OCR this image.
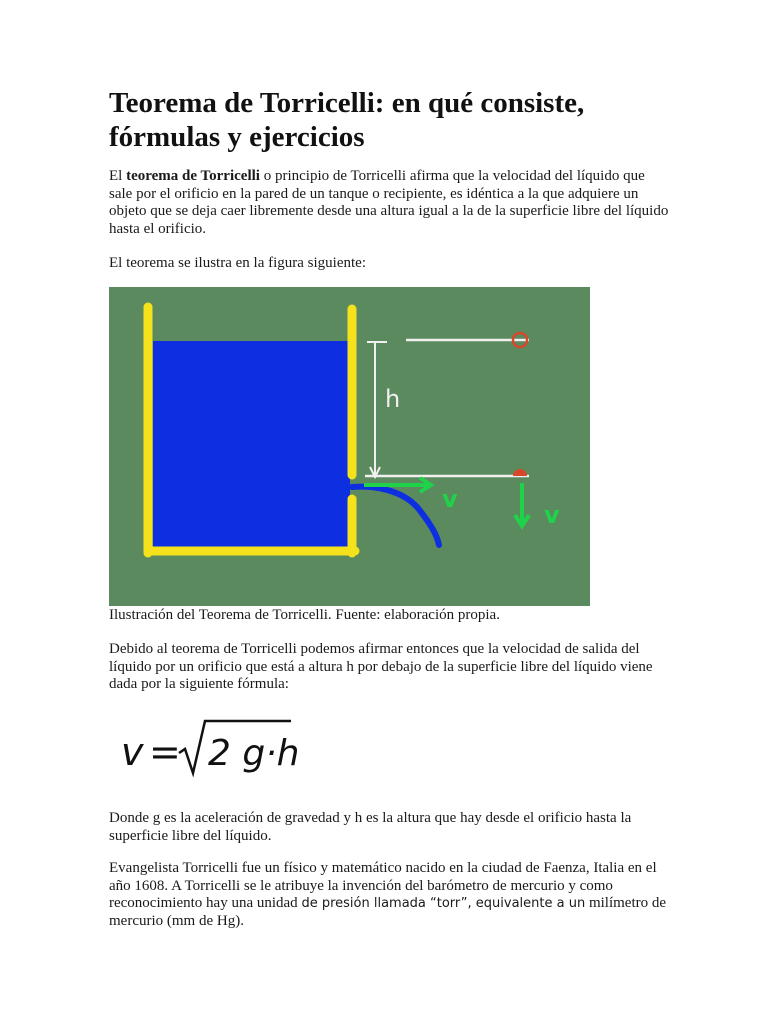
Teorema de Torricelli: en qué consiste, fórmulas y ejercicios

El teorema de Torricelli o principio de Torricelli afirma que la velocidad del líquido que sale por el orificio en la pared de un tanque o recipiente, es idéntica a la que adquiere un objeto que se deja caer libremente desde una altura igual a la de la superficie libre del líquido hasta el orificio.

El teorema se ilustra en la figura siguiente:

h
v
v

Ilustración del Teorema de Torricelli. Fuente: elaboración propia.

Debido al teorema de Torricelli podemos afirmar entonces que la velocidad de salida del líquido por un orificio que está a altura h por debajo de la superficie libre del líquido viene dada por la siguiente fórmula:

v = 2 g·h

Donde g es la aceleración de gravedad y h es la altura que hay desde el orificio hasta la superficie libre del líquido.

Evangelista Torricelli fue un físico y matemático nacido en la ciudad de Faenza, Italia en el año 1608. A Torricelli se le atribuye la invención del barómetro de mercurio y como reconocimiento hay una unidad de presión llamada “torr”, equivalente a un milímetro de mercurio (mm de Hg).
